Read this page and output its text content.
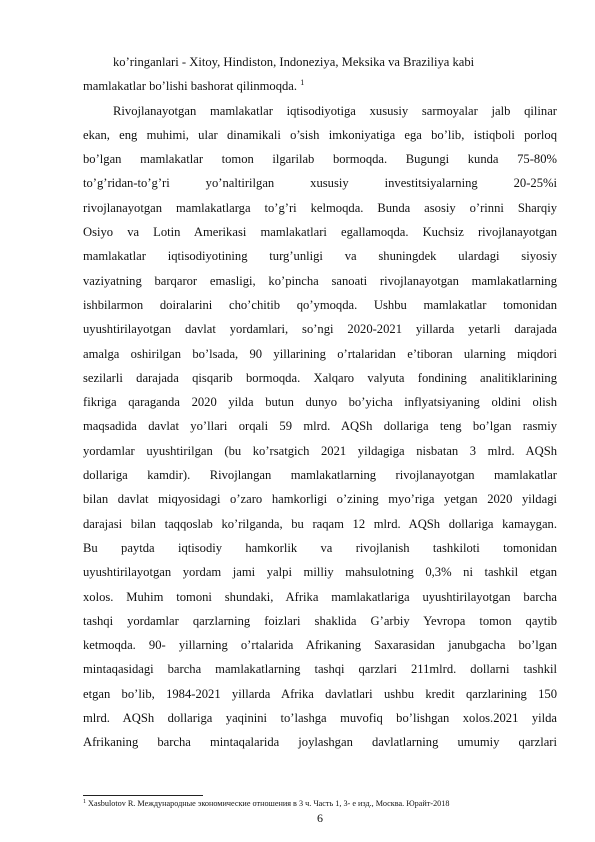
ko’ringanlari - Xitoy, Hindiston, Indoneziya, Meksika va Braziliya kabi
mamlakatlar bo’lishi bashorat qilinmoqda. $^1$
Rivojlanayotgan mamlakatlar iqtisodiyotiga xususiy sarmoyalar jalb qilinar
ekan, eng muhimi, ular dinamikali o’sish imkoniyatiga ega bo’lib, istiqboli porloq
bo’lgan mamlakatlar tomon ilgarilab bormoqda. Bugungi kunda 75-80%
to’g’ridan-to’g’ri yo’naltirilgan xususiy investitsiyalarning 20-25%i
rivojlanayotgan mamlakatlarga to’g’ri kelmoqda. Bunda asosiy o’rinni Sharqiy
Osiyo va Lotin Amerikasi mamlakatlari egallamoqda. Kuchsiz rivojlanayotgan
mamlakatlar iqtisodiyotining turg’unligi va shuningdek ulardagi siyosiy
vaziyatning barqaror emasligi, ko’pincha sanoati rivojlanayotgan mamlakatlarning
ishbilarmon doiralarini cho’chitib qo’ymoqda. Ushbu mamlakatlar tomonidan
uyushtirilayotgan davlat yordamlari, so’ngi 2020-2021 yillarda yetarli darajada
amalga oshirilgan bo’lsada, 90 yillarining o’rtalaridan e’tiboran ularning miqdori
sezilarli darajada qisqarib bormoqda. Xalqaro valyuta fondining analitiklarining
fikriga qaraganda 2020 yilda butun dunyo bo’yicha inflyatsiyaning oldini olish
maqsadida davlat yo’llari orqali 59 mlrd. AQSh dollariga teng bo’lgan rasmiy
yordamlar uyushtirilgan (bu ko’rsatgich 2021 yildagiga nisbatan 3 mlrd. AQSh
dollariga kamdir). Rivojlangan mamlakatlarning rivojlanayotgan mamlakatlar
bilan davlat miqyosidagi o’zaro hamkorligi o’zining myo’riga yetgan 2020 yildagi
darajasi bilan taqqoslab ko’rilganda, bu raqam 12 mlrd. AQSh dollariga kamaygan.
Bu paytda iqtisodiy hamkorlik va rivojlanish tashkiloti tomonidan
uyushtirilayotgan yordam jami yalpi milliy mahsulotning 0,3% ni tashkil etgan
xolos. Muhim tomoni shundaki, Afrika mamlakatlariga uyushtirilayotgan barcha
tashqi yordamlar qarzlarning foizlari shaklida G’arbiy Yevropa tomon qaytib
ketmoqda. 90- yillarning o’rtalarida Afrikaning Saxarasidan janubgacha bo’lgan
mintaqasidagi barcha mamlakatlarning tashqi qarzlari 211mlrd. dollarni tashkil
etgan bo’lib, 1984-2021 yillarda Afrika davlatlari ushbu kredit qarzlarining 150
mlrd. AQSh dollariga yaqinini to’lashga muvofiq bo’lishgan xolos.2021 yilda
Afrikaning barcha mintaqalarida joylashgan davlatlarning umumiy qarzlari
$^1$ Xasbulotov R. Международные экономические отношения в 3 ч. Часть 1, 3- е изд., Москва. Юрайт-2018
6
